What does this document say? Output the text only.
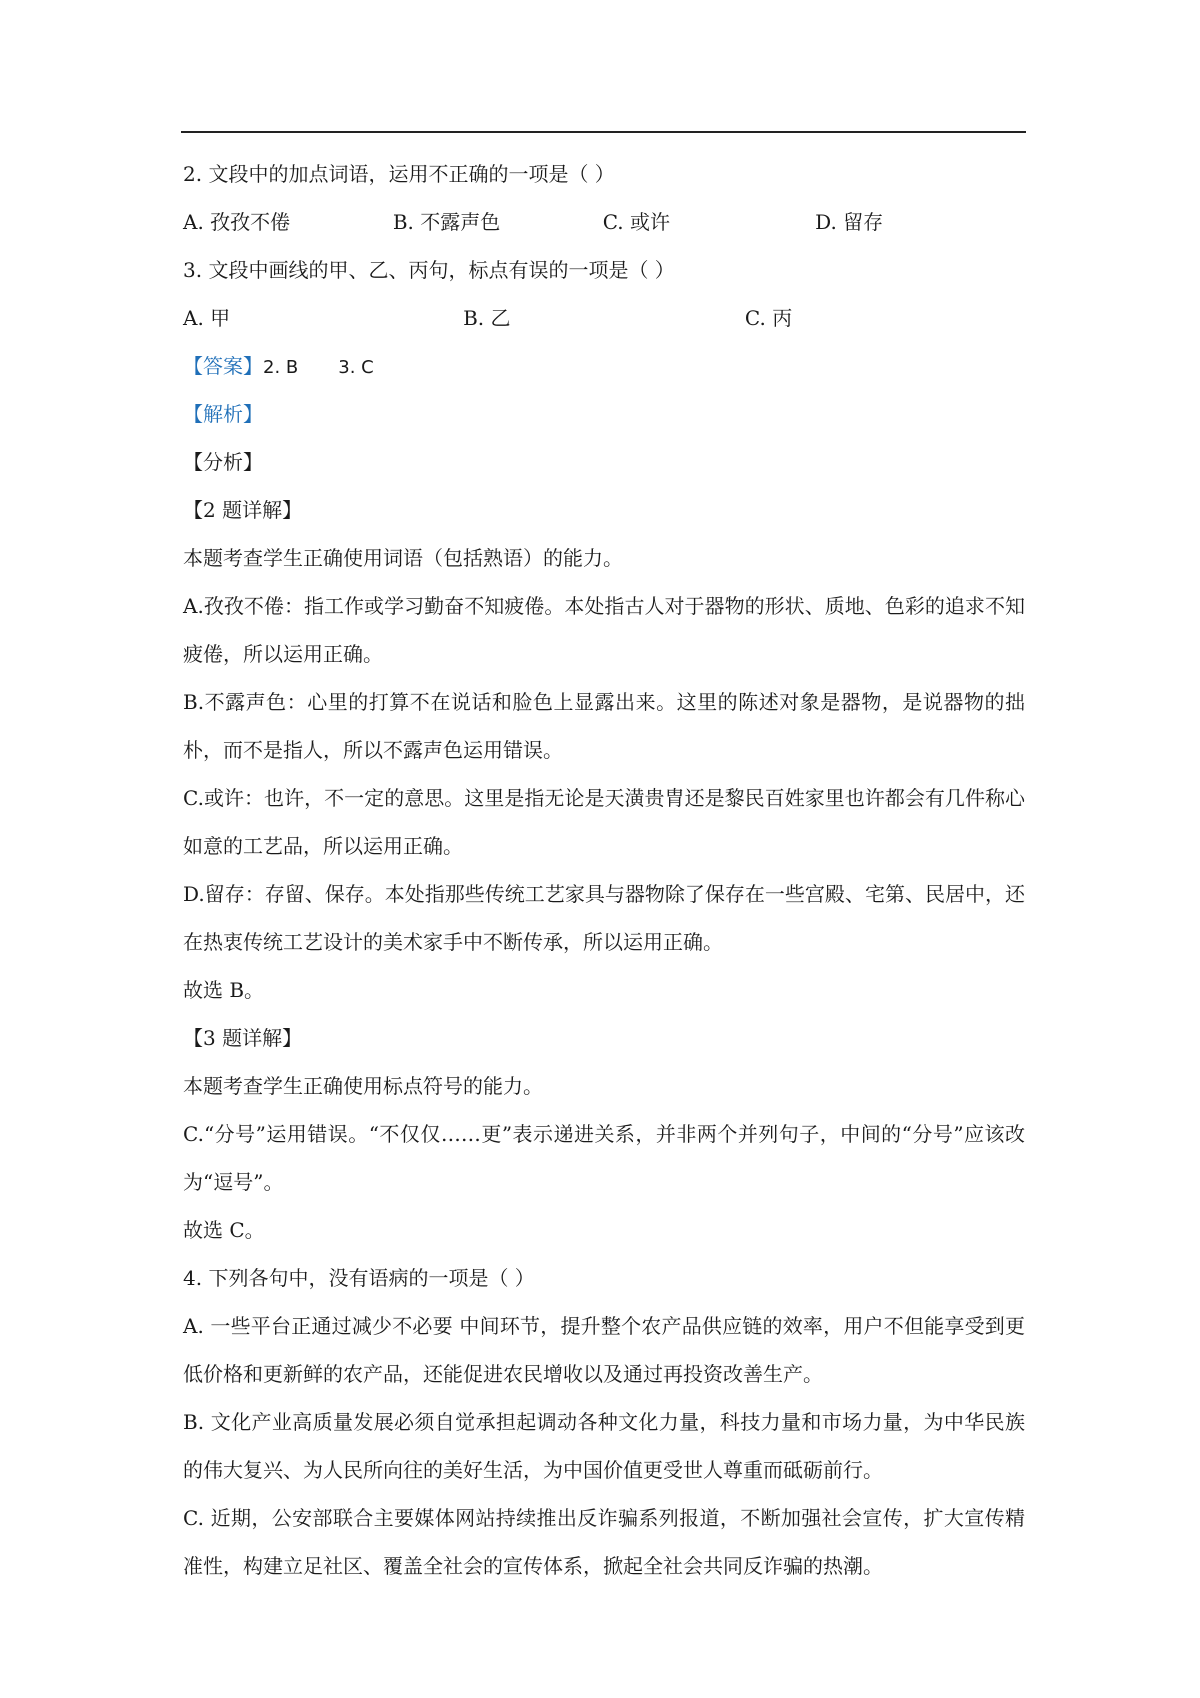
2. 文段中的加点词语，运用不正确的一项是（ ）
A. 孜孜不倦	B. 不露声色	C. 或许	D. 留存
3. 文段中画线的甲、乙、丙句，标点有误的一项是（ ）
A. 甲	B. 乙	C. 丙
【答案】2. B 3. C
【解析】
【分析】
【2 题详解】
本题考查学生正确使用词语（包括熟语）的能力。
A.孜孜不倦：指工作或学习勤奋不知疲倦。本处指古人对于器物的形状、质地、色彩的追求不知疲倦，所以运用正确。
B.不露声色：心里的打算不在说话和脸色上显露出来。这里的陈述对象是器物，是说器物的拙朴，而不是指人，所以不露声色运用错误。
C.或许：也许，不一定的意思。这里是指无论是天潢贵胄还是黎民百姓家里也许都会有几件称心如意的工艺品，所以运用正确。
D.留存：存留、保存。本处指那些传统工艺家具与器物除了保存在一些宫殿、宅第、民居中，还在热衷传统工艺设计的美术家手中不断传承，所以运用正确。
故选 B。
【3 题详解】
本题考查学生正确使用标点符号的能力。
C.“分号”运用错误。“不仅仅……更”表示递进关系，并非两个并列句子，中间的“分号”应该改为“逗号”。
故选 C。
4. 下列各句中，没有语病的一项是（ ）
A. 一些平台正通过减少不必要 中间环节，提升整个农产品供应链的效率，用户不但能享受到更低价格和更新鲜的农产品，还能促进农民增收以及通过再投资改善生产。
B. 文化产业高质量发展必须自觉承担起调动各种文化力量，科技力量和市场力量，为中华民族的伟大复兴、为人民所向往的美好生活，为中国价值更受世人尊重而砥砺前行。
C. 近期，公安部联合主要媒体网站持续推出反诈骗系列报道，不断加强社会宣传，扩大宣传精准性，构建立足社区、覆盖全社会的宣传体系，掀起全社会共同反诈骗的热潮。
